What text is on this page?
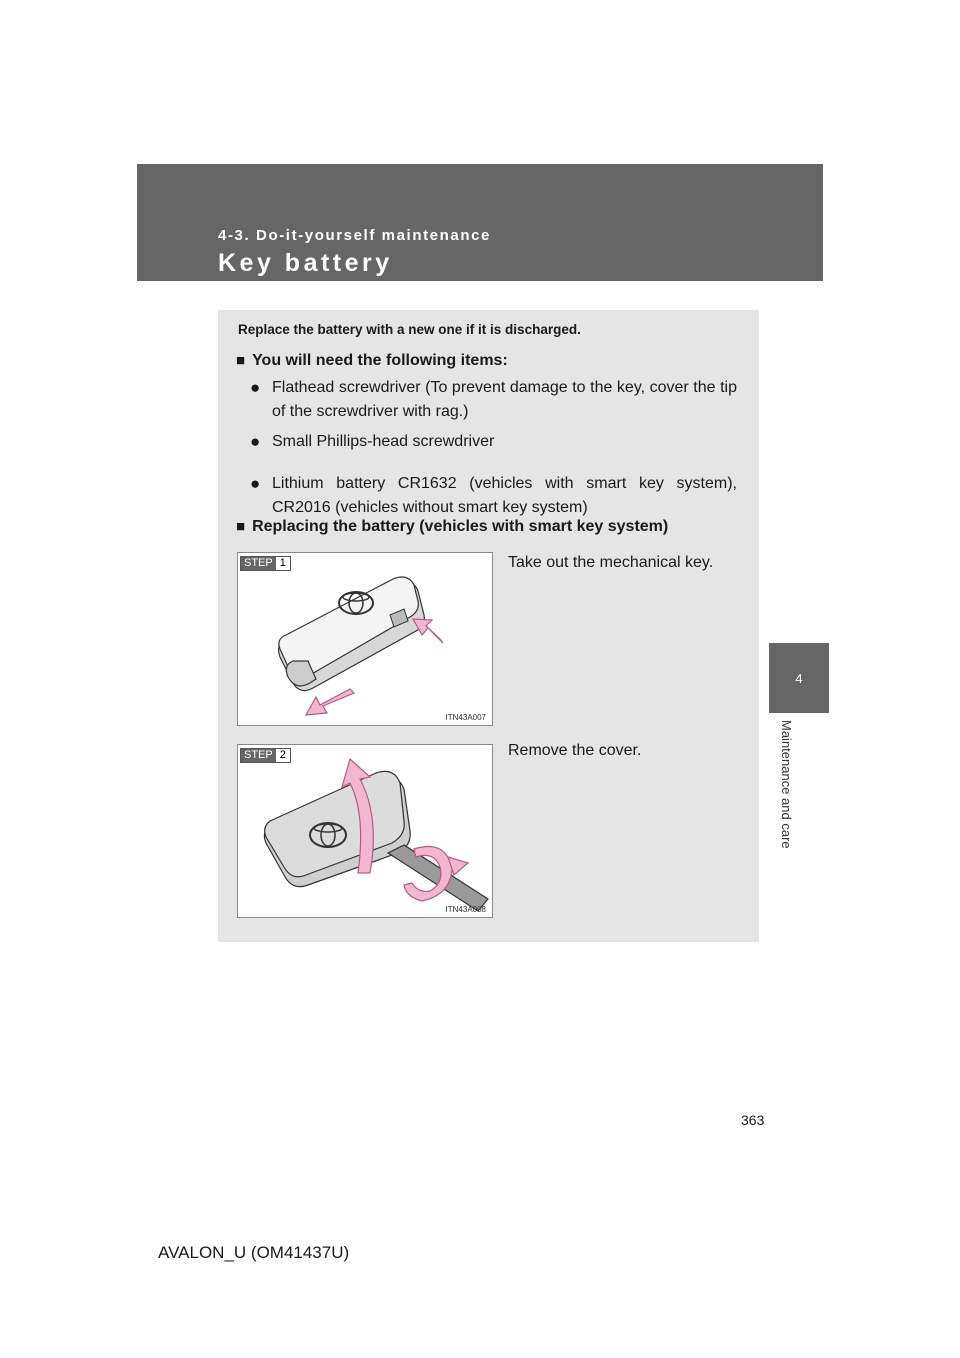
4-3. Do-it-yourself maintenance
Key battery
4
Maintenance and care
Replace the battery with a new one if it is discharged.
■ You will need the following items:
● Flathead screwdriver (To prevent damage to the key, cover the tip of the screwdriver with rag.)
● Small Phillips-head screwdriver
● Lithium battery CR1632 (vehicles with smart key system), CR2016 (vehicles without smart key system)
■ Replacing the battery (vehicles with smart key system)
STEP 1
ITN43A007
Take out the mechanical key.
STEP 2
ITN43A008
Remove the cover.
363
AVALON_U (OM41437U)
